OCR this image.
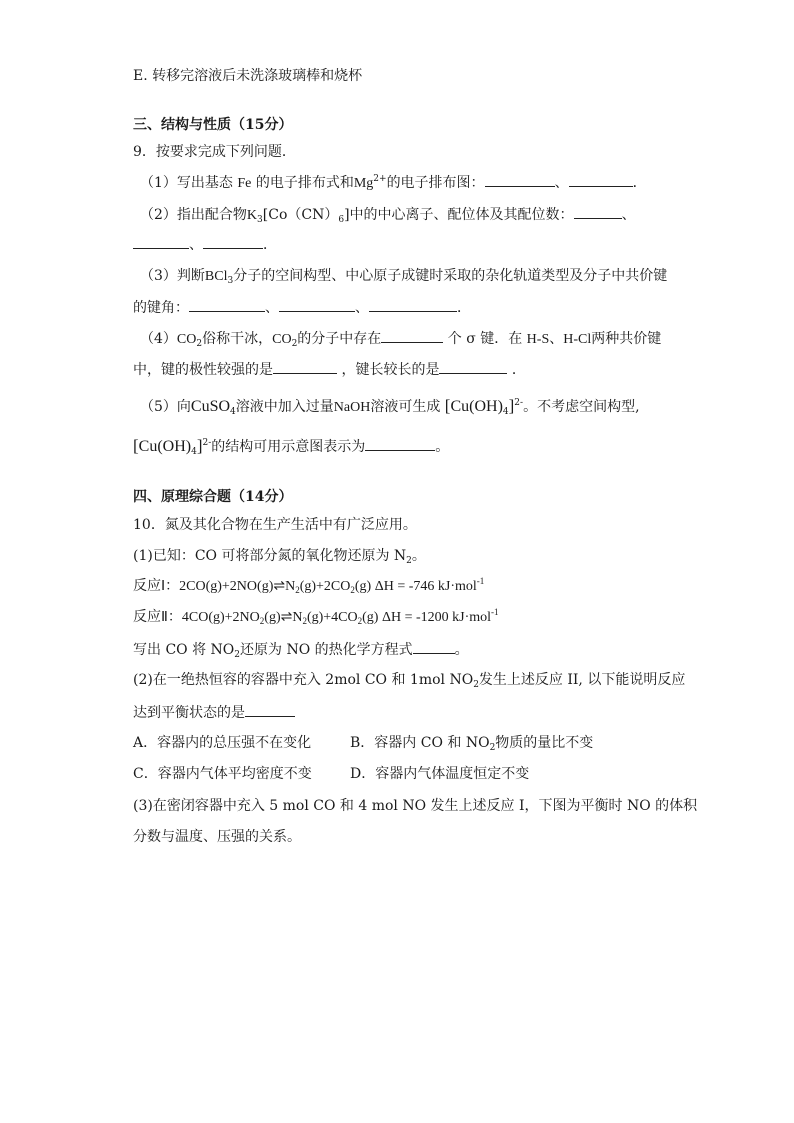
E. 转移完溶液后未洗涤玻璃棒和烧杯
三、结构与性质（15分）
9．按要求完成下列问题．
（1）写出基态 Fe 的电子排布式和$Mg^{2+}$的电子排布图：	、	．
（2）指出配合物$K_3[Co(CN)_6]$中的中心离子、配位体及其配位数：	、
、	．
（3）判断BCl$_3$分子的空间构型、中心原子成键时采取的杂化轨道类型及分子中共价键
的键角：	、	、	．
$(4)CO_2$俗称干冰，$CO_2$的分子中存在	个 σ 键．在 H-S、H-Cl两种共价键
中，键的极性较强的是	，键长较长的是	．
（5）向CuSO$_4$溶液中加入过量NaOH溶液可生成 $[Cu(OH)_4]^{2-}$。不考虑空间构型,
$[Cu(OH)_4]^{2-}$的结构可用示意图表示为	。
四、原理综合题（14分）
10．氮及其化合物在生产生活中有广泛应用。
(1)已知：CO 可将部分氮的氧化物还原为 $N_2$。
反应Ⅰ：$2CO(g)+2NO(g)\rightleftharpoons N_2(g)+2CO_2(g) \Delta H = -746$ kJ·mol$^{-1}$
反应Ⅱ：$4CO(g)+2NO_2(g)\rightleftharpoons N_2(g)+4CO_2(g) \Delta H = -1200$ kJ·mol$^{-1}$
写出 CO 将 $NO_2$还原为 NO 的热化学方程式	。
(2)在一绝热恒容的容器中充入 2mol CO 和 1mol $NO_2$发生上述反应 II, 以下能说明反应
达到平衡状态的是
A．容器内的总压强不在变化	B．容器内 CO 和 $NO_2$物质的量比不变
C．容器内气体平均密度不变	D．容器内气体温度恒定不变
(3)在密闭容器中充入 5 mol CO 和 4 mol NO 发生上述反应 I，下图为平衡时 NO 的体积
分数与温度、压强的关系。
